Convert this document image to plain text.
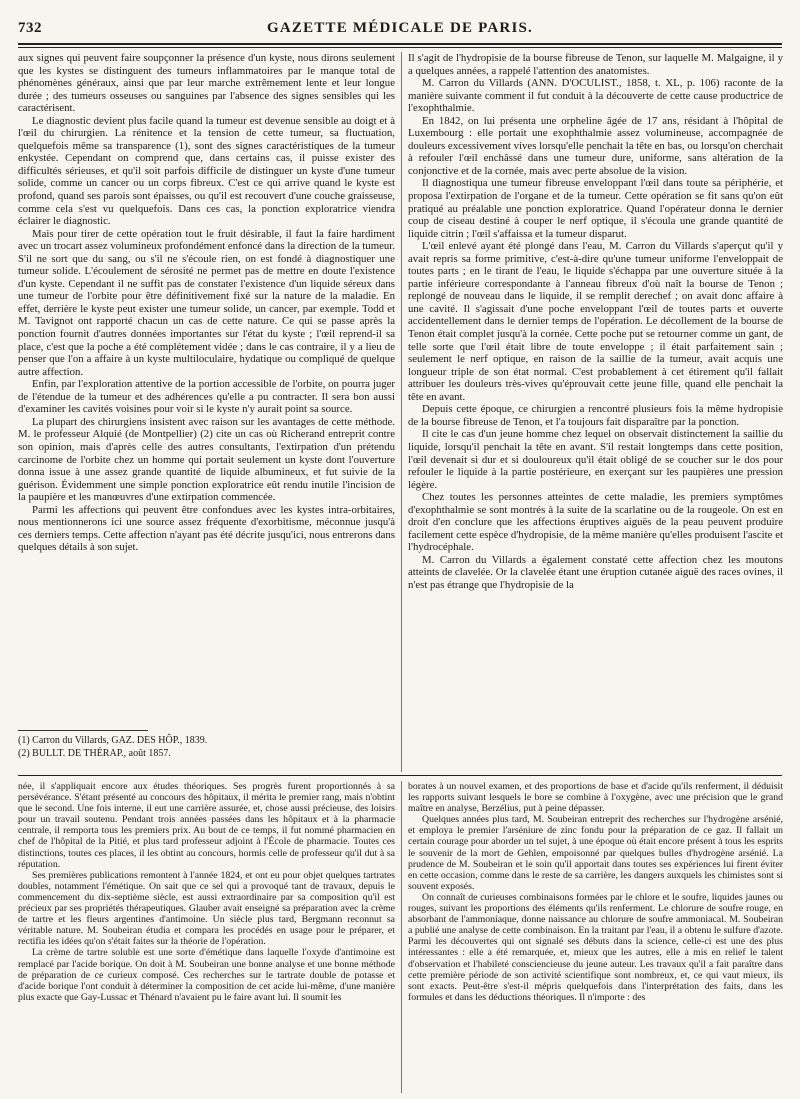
732	GAZETTE MÉDICALE DE PARIS.

aux signes qui peuvent faire soupçonner la présence d'un kyste, nous dirons seulement que les kystes se distinguent des tumeurs inflammatoires par le manque total de phénomènes généraux, ainsi que par leur marche extrêmement lente et leur longue durée ; des tumeurs osseuses ou sanguines par l'absence des signes sensibles qui les caractérisent.

Le diagnostic devient plus facile quand la tumeur est devenue sensible au doigt et à l'œil du chirurgien. La rénitence et la tension de cette tumeur, sa fluctuation, quelquefois même sa transparence (1), sont des signes caractéristiques de la tumeur enkystée. Cependant on comprend que, dans certains cas, il puisse exister des difficultés sérieuses, et qu'il soit parfois difficile de distinguer un kyste d'une tumeur solide, comme un cancer ou un corps fibreux. C'est ce qui arrive quand le kyste est profond, quand ses parois sont épaisses, ou qu'il est recouvert d'une couche graisseuse, comme cela s'est vu quelquefois. Dans ces cas, la ponction exploratrice viendra éclairer le diagnostic.

Mais pour tirer de cette opération tout le fruit désirable, il faut la faire hardiment avec un trocart assez volumineux profondément enfoncé dans la direction de la tumeur. S'il ne sort que du sang, ou s'il ne s'écoule rien, on est fondé à diagnostiquer une tumeur solide. L'écoulement de sérosité ne permet pas de mettre en doute l'existence d'un kyste. Cependant il ne suffit pas de constater l'existence d'un liquide séreux dans une tumeur de l'orbite pour être définitivement fixé sur la nature de la maladie. En effet, derrière le kyste peut exister une tumeur solide, un cancer, par exemple. Todd et M. Tavignot ont rapporté chacun un cas de cette nature. Ce qui se passe après la ponction fournit d'autres données importantes sur l'état du kyste ; l'œil reprend-il sa place, c'est que la poche a été complétement vidée ; dans le cas contraire, il y a lieu de penser que l'on a affaire à un kyste multiloculaire, hydatique ou compliqué de quelque autre affection.

Enfin, par l'exploration attentive de la portion accessible de l'orbite, on pourra juger de l'étendue de la tumeur et des adhérences qu'elle a pu contracter. Il sera bon aussi d'examiner les cavités voisines pour voir si le kyste n'y aurait point sa source.

La plupart des chirurgiens insistent avec raison sur les avantages de cette méthode. M. le professeur Alquié (de Montpellier) (2) cite un cas où Richerand entreprit contre son opinion, mais d'après celle des autres consultants, l'extirpation d'un prétendu carcinome de l'orbite chez un homme qui portait seulement un kyste dont l'ouverture donna issue à une assez grande quantité de liquide albumineux, et fut suivie de la guérison. Évidemment une simple ponction exploratrice eût rendu inutile l'incision de la paupière et les manœuvres d'une extirpation commencée.

Parmi les affections qui peuvent être confondues avec les kystes intra-orbitaires, nous mentionnerons ici une source assez fréquente d'exorbitisme, méconnue jusqu'à ces derniers temps. Cette affection n'ayant pas été décrite jusqu'ici, nous entrerons dans quelques détails à son sujet.

(1) Carron du Villards, GAZ. DES HÔP., 1839.
(2) BULLT. DE THÉRAP., août 1857.

Il s'agit de l'hydropisie de la bourse fibreuse de Tenon, sur laquelle M. Malgaigne, il y a quelques années, a rappelé l'attention des anatomistes.

M. Carron du Villards (ANN. D'OCULIST., 1858, t. XL, p. 106) raconte de la manière suivante comment il fut conduit à la découverte de cette cause productrice de l'exophthalmie.

En 1842, on lui présenta une orpheline âgée de 17 ans, résidant à l'hôpital de Luxembourg : elle portait une exophthalmie assez volumineuse, accompagnée de douleurs excessivement vives lorsqu'elle penchait la tête en bas, ou lorsqu'on cherchait à refouler l'œil enchâssé dans une tumeur dure, uniforme, sans altération de la conjonctive et de la cornée, mais avec perte absolue de la vision.

Il diagnostiqua une tumeur fibreuse enveloppant l'œil dans toute sa périphérie, et proposa l'extirpation de l'organe et de la tumeur. Cette opération se fit sans qu'on eût pratiqué au préalable une ponction exploratrice. Quand l'opérateur donna le dernier coup de ciseau destiné à couper le nerf optique, il s'écoula une grande quantité de liquide citrin ; l'œil s'affaissa et la tumeur disparut.

L'œil enlevé ayant été plongé dans l'eau, M. Carron du Villards s'aperçut qu'il y avait repris sa forme primitive, c'est-à-dire qu'une tumeur uniforme l'enveloppait de toutes parts ; en le tirant de l'eau, le liquide s'échappa par une ouverture située à la partie inférieure correspondante à l'anneau fibreux d'où naît la bourse de Tenon ; replongé de nouveau dans le liquide, il se remplit derechef ; on avait donc affaire à une cavité. Il s'agissait d'une poche enveloppant l'œil de toutes parts et ouverte accidentellement dans le dernier temps de l'opération. Le décollement de la bourse de Tenon était complet jusqu'à la cornée. Cette poche put se retourner comme un gant, de telle sorte que l'œil était libre de toute enveloppe ; il était parfaitement sain ; seulement le nerf optique, en raison de la saillie de la tumeur, avait acquis une longueur triple de son état normal. C'est probablement à cet étirement qu'il fallait attribuer les douleurs très-vives qu'éprouvait cette jeune fille, quand elle penchait la tête en avant.

Depuis cette époque, ce chirurgien a rencontré plusieurs fois la même hydropisie de la bourse fibreuse de Tenon, et l'a toujours fait disparaître par la ponction.

Il cite le cas d'un jeune homme chez lequel on observait distinctement la saillie du liquide, lorsqu'il penchait la tête en avant. S'il restait longtemps dans cette position, l'œil devenait si dur et si douloureux qu'il était obligé de se coucher sur le dos pour refouler le liquide à la partie postérieure, en exerçant sur les paupières une pression légère.

Chez toutes les personnes atteintes de cette maladie, les premiers symptômes d'exophthalmie se sont montrés à la suite de la scarlatine ou de la rougeole. On est en droit d'en conclure que les affections éruptives aiguës de la peau peuvent produire facilement cette espèce d'hydropisie, de la même manière qu'elles produisent l'ascite et l'hydrocéphale.

M. Carron du Villards a également constaté cette affection chez les moutons atteints de clavelée. Or la clavelée étant une éruption cutanée aiguë des races ovines, il n'est pas étrange que l'hydropisie de la

née, il s'appliquait encore aux études théoriques. Ses progrès furent proportionnés à sa persévérance. S'étant présenté au concours des hôpitaux, il mérita le premier rang, mais n'obtint que le second. Une fois interne, il eut une carrière assurée, et, chose aussi précieuse, des loisirs pour un travail soutenu. Pendant trois années passées dans les hôpitaux et à la pharmacie centrale, il remporta tous les premiers prix. Au bout de ce temps, il fut nommé pharmacien en chef de l'hôpital de la Pitié, et plus tard professeur adjoint à l'École de pharmacie. Toutes ces distinctions, toutes ces places, il les obtint au concours, hormis celle de professeur qu'il dut à sa réputation.

Ses premières publications remontent à l'année 1824, et ont eu pour objet quelques tartrates doubles, notamment l'émétique. On sait que ce sel qui a provoqué tant de travaux, depuis le commencement du dix-septième siècle, est aussi extraordinaire par sa composition qu'il est précieux par ses propriétés thérapeutiques. Glauber avait enseigné sa préparation avec la crème de tartre et les fleurs argentines d'antimoine. Un siècle plus tard, Bergmann reconnut sa véritable nature. M. Soubeiran étudia et compara les procédés en usage pour le préparer, et rectifia les idées qu'on s'était faites sur la théorie de l'opération.

La crème de tartre soluble est une sorte d'émétique dans laquelle l'oxyde d'antimoine est remplacé par l'acide borique. On doit à M. Soubeiran une bonne analyse et une bonne méthode de préparation de ce curieux composé. Ces recherches sur le tartrate double de potasse et d'acide borique l'ont conduit à déterminer la composition de cet acide lui-même, d'une manière plus exacte que Gay-Lussac et Thénard n'avaient pu le faire avant lui. Il soumit les

borates à un nouvel examen, et des proportions de base et d'acide qu'ils renferment, il déduisit les rapports suivant lesquels le bore se combine à l'oxygène, avec une précision que le grand maître en analyse, Berzélius, put à peine dépasser.

Quelques années plus tard, M. Soubeiran entreprit des recherches sur l'hydrogène arsénié, et employa le premier l'arséniure de zinc fondu pour la préparation de ce gaz. Il fallait un certain courage pour aborder un tel sujet, à une époque où était encore présent à tous les esprits le souvenir de la mort de Gehlen, empoisonné par quelques bulles d'hydrogène arsénié. La prudence de M. Soubeiran et le soin qu'il apportait dans toutes ses expériences lui firent éviter en cette occasion, comme dans le reste de sa carrière, les dangers auxquels les chimistes sont si souvent exposés.

On connaît de curieuses combinaisons formées par le chlore et le soufre, liquides jaunes ou rouges, suivant les proportions des éléments qu'ils renferment. Le chlorure de soufre rouge, en absorbant de l'ammoniaque, donne naissance au chlorure de soufre ammoniacal. M. Soubeiran a publié une analyse de cette combinaison. En la traitant par l'eau, il a obtenu le sulfure d'azote. Parmi les découvertes qui ont signalé ses débuts dans la science, celle-ci est une des plus intéressantes : elle a été remarquée, et, mieux que les autres, elle a mis en relief le talent d'observation et l'habileté consciencieuse du jeune auteur. Les travaux qu'il a fait paraître dans cette première période de son activité scientifique sont nombreux, et, ce qui vaut mieux, ils sont exacts. Peut-être s'est-il mépris quelquefois dans l'interprétation des faits, dans les formules et dans les déductions théoriques. Il n'importe : des
